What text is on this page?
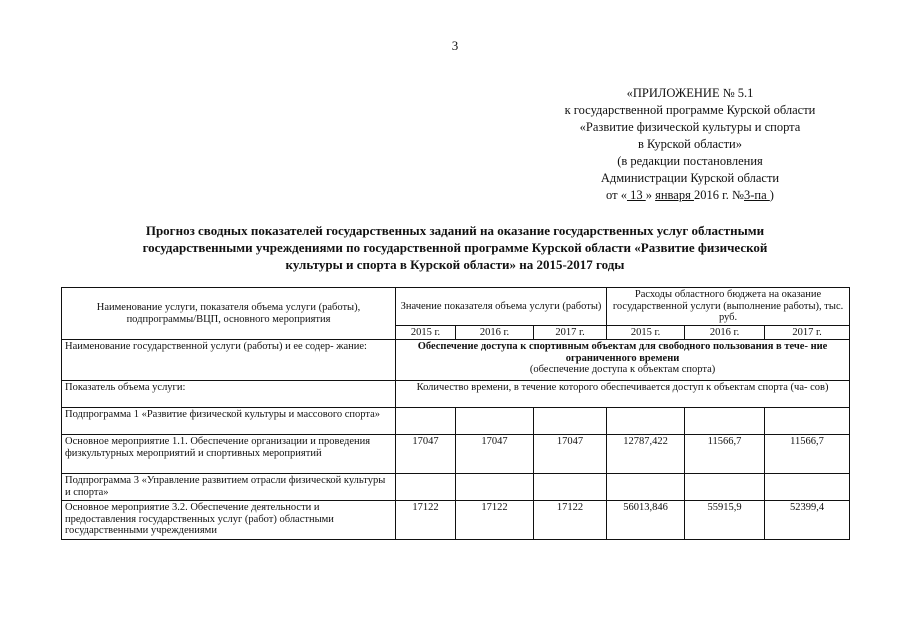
3
«ПРИЛОЖЕНИЕ № 5.1
к государственной программе Курской области
«Развитие физической культуры и спорта
в Курской области»
(в редакции постановления
Администрации Курской области
от « 13 » января 2016 г. №3-па )
Прогноз сводных показателей государственных заданий на оказание государственных услуг областными
государственными учреждениями по государственной программе Курской области «Развитие физической
культуры и спорта в Курской области» на 2015-2017 годы
Наименование услуги, показателя объема услуги (работы), подпрограммы/ВЦП, основного мероприятия	Значение показателя объема услуги (работы)			Расходы областного бюджета на оказание государственной услуги (выполнение работы), тыс. руб.		
	2015 г.	2016 г.	2017 г.	2015 г.	2016 г.	2017 г.
Наименование государственной услуги (работы) и ее содер- жание:	Обеспечение доступа к спортивным объектам для свободного пользования в тече- ние ограниченного времени
(обеспечение доступа к объектам спорта)					

Показатель объема услуги:	Количество времени, в течение которого обеспечивается доступ к объектам спорта (ча- сов)					
Подпрограмма 1 «Развитие физической культуры и массового спорта»						
Основное мероприятие 1.1. Обеспечение организации и проведения физкультурных мероприятий и спортивных мероприятий	17047	17047	17047	12787,422	11566,7	11566,7
Подпрограмма 3 «Управление развитием отрасли физической культуры и спорта»						
Основное мероприятие 3.2. Обеспечение деятельности и предоставления государственных услуг (работ) областными государственными учреждениями	17122	17122	17122	56013,846	55915,9	52399,4
